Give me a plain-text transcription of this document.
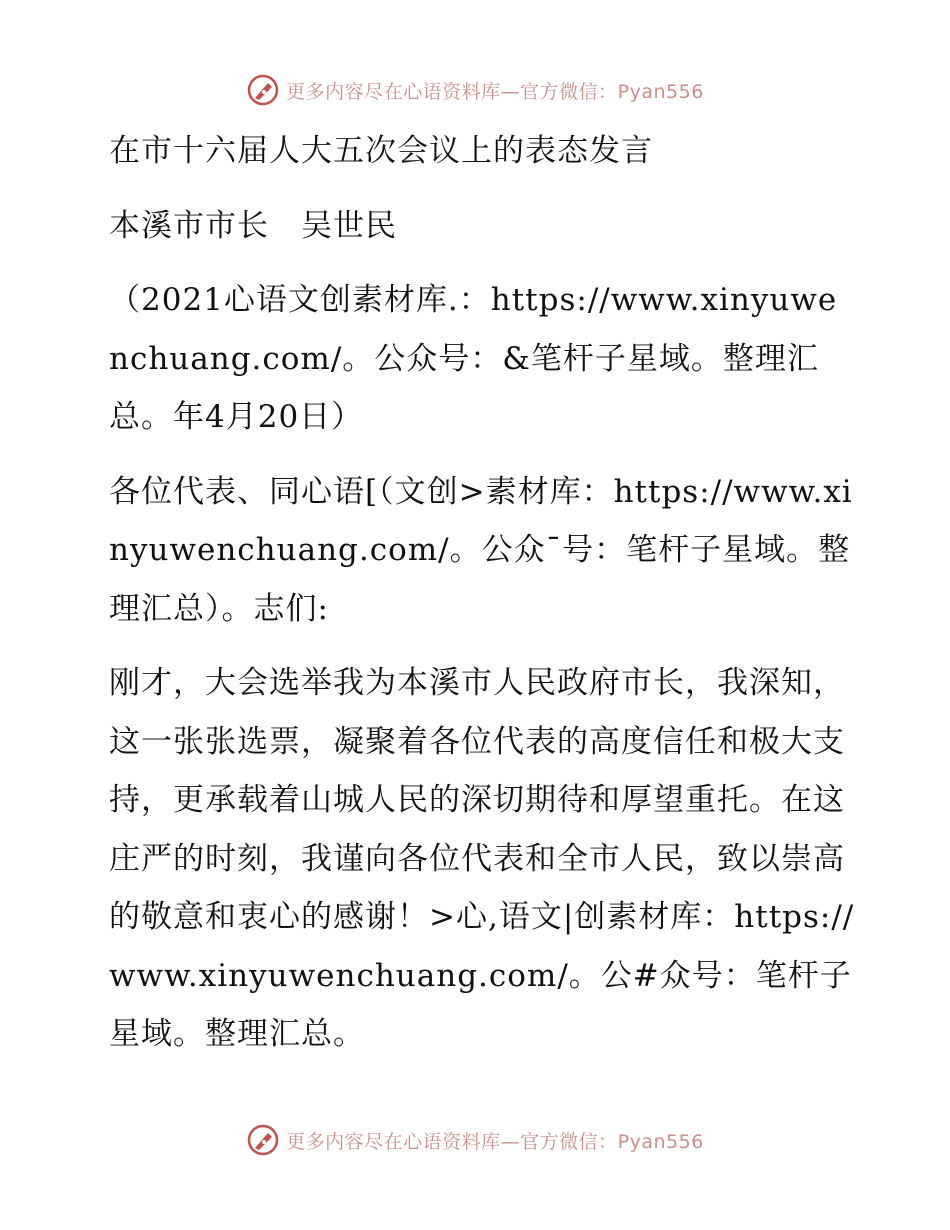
更多内容尽在心语资料库—官方微信：Pyan556

在市十六届人大五次会议上的表态发言

本溪市市长　吴世民

（2021心语文创素材库.：https://www.xinyuwenchuang.com/。公众号：&笔杆子星域。整理汇总。年4月20日）

各位代表、同心语[（文创>素材库：https://www.xinyuwenchuang.com/。公众¯号：笔杆子星域。整理汇总）。志们:

刚才，大会选举我为本溪市人民政府市长，我深知，这一张张选票，凝聚着各位代表的高度信任和极大支持，更承载着山城人民的深切期待和厚望重托。在这庄严的时刻，我谨向各位代表和全市人民，致以崇高的敬意和衷心的感谢！>心,语文|创素材库：https://www.xinyuwenchuang.com/。公#众号：笔杆子星域。整理汇总。

更多内容尽在心语资料库—官方微信：Pyan556
